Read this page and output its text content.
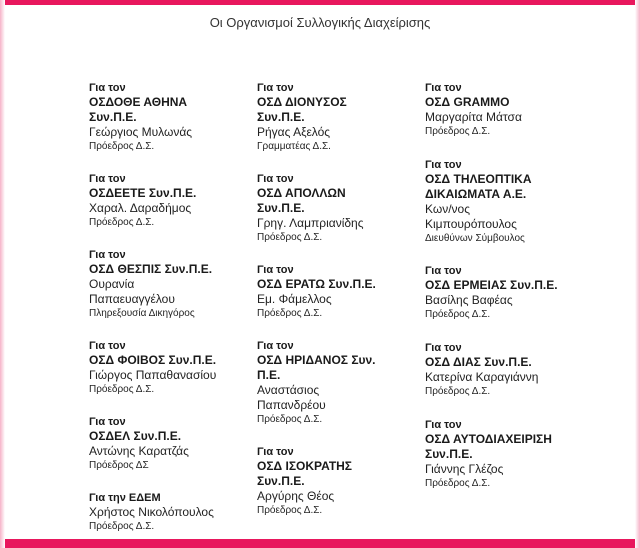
Οι Οργανισμοί Συλλογικής Διαχείρισης
Για τον
ΟΣΔΟΘΕ ΑΘΗΝΑ
Συν.Π.Ε.
Γεώργιος Μυλωνάς
Πρόεδρος Δ.Σ.
Για τον
ΟΣΔΕΕΤΕ Συν.Π.Ε.
Χαραλ. Δαραδήμος
Πρόεδρος Δ.Σ.
Για τον
ΟΣΔ ΘΕΣΠΙΣ Συν.Π.Ε.
Ουρανία
Παπαευαγγέλου
Πληρεξουσία Δικηγόρος
Για τον
ΟΣΔ ΦΟΙΒΟΣ Συν.Π.Ε.
Γιώργος Παπαθανασίου
Πρόεδρος Δ.Σ.
Για τον
ΟΣΔΕΛ Συν.Π.Ε.
Αντώνης Καρατζάς
Πρόεδρος ΔΣ
Για την ΕΔΕΜ
Χρήστος Νικολόπουλος
Πρόεδρος Δ.Σ.
Για τον
ΟΣΔ ΔΙΟΝΥΣΟΣ
Συν.Π.Ε.
Ρήγας Αξελός
Γραμματέας Δ.Σ.
Για τον
ΟΣΔ ΑΠΟΛΛΩΝ
Συν.Π.Ε.
Γρηγ. Λαμπριανίδης
Πρόεδρος Δ.Σ.
Για τον
ΟΣΔ ΕΡΑΤΩ Συν.Π.Ε.
Εμ. Φάμελλος
Πρόεδρος Δ.Σ.
Για τον
ΟΣΔ ΗΡΙΔΑΝΟΣ Συν.
Π.Ε.
Αναστάσιος
Παπανδρέου
Πρόεδρος Δ.Σ.
Για τον
ΟΣΔ ΙΣΟΚΡΑΤΗΣ
Συν.Π.Ε.
Αργύρης Θέος
Πρόεδρος Δ.Σ.
Για τον
ΟΣΔ GRAMMO
Μαργαρίτα Μάτσα
Πρόεδρος Δ.Σ.
Για τον
ΟΣΔ ΤΗΛΕΟΠΤΙΚΑ
ΔΙΚΑΙΩΜΑΤΑ Α.Ε.
Κων/νος
Κιμπουρόπουλος
Διευθύνων Σύμβουλος
Για τον
ΟΣΔ ΕΡΜΕΙΑΣ Συν.Π.Ε.
Βασίλης Βαφέας
Πρόεδρος Δ.Σ.
Για τον
ΟΣΔ ΔΙΑΣ Συν.Π.Ε.
Κατερίνα Καραγιάννη
Πρόεδρος Δ.Σ.
Για τον
ΟΣΔ ΑΥΤΟΔΙΑΧΕΙΡΙΣΗ
Συν.Π.Ε.
Γιάννης Γλέζος
Πρόεδρος Δ.Σ.
